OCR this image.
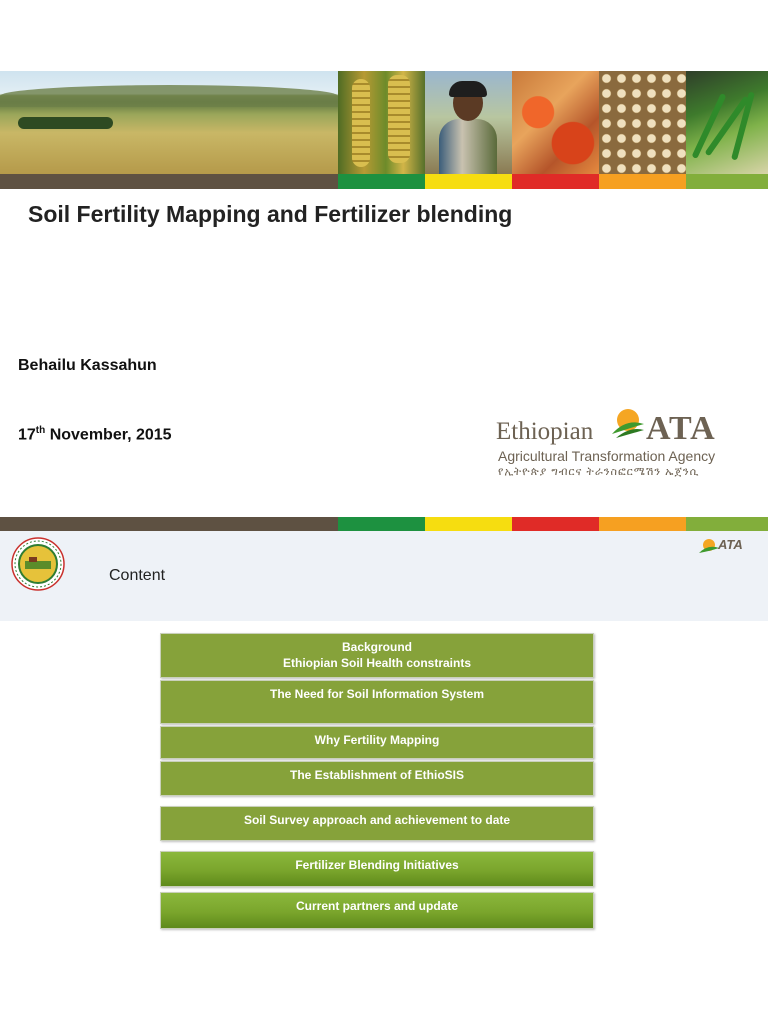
Soil Fertility Mapping and Fertilizer blending
Behailu Kassahun
17th November, 2015	Ethiopian ATA
Agricultural Transformation Agency
የኢትዮጵያ ግብርና ትራንስፎርሜሽን ኤጀንሲ
ATA
Content
Background
Ethiopian Soil Health constraints
The Need for Soil Information System
Why Fertility Mapping
The Establishment of EthioSIS
Soil Survey approach and achievement to date
Fertilizer Blending Initiatives
Current partners and update
